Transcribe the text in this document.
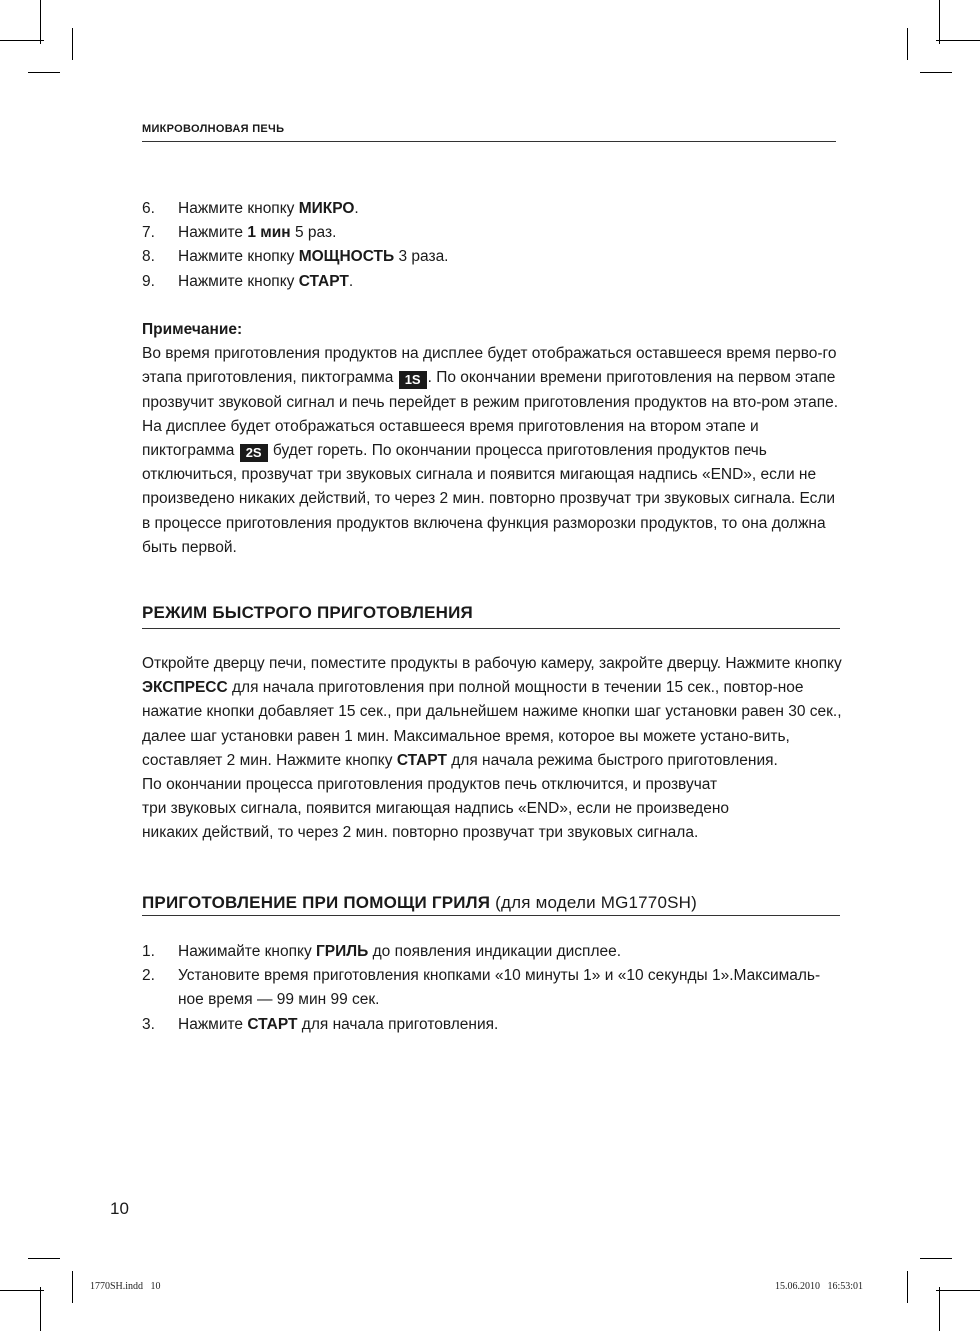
МИКРОВОЛНОВАЯ ПЕЧЬ
6. Нажмите кнопку МИКРО.
7. Нажмите 1 мин 5 раз.
8. Нажмите кнопку МОЩНОСТЬ 3 раза.
9. Нажмите кнопку СТАРТ.
Примечание:
Во время приготовления продуктов на дисплее будет отображаться оставшееся время перво-го этапа приготовления, пиктограмма 1S . По окончании времени приготовления на первом этапе прозвучит звуковой сигнал и печь перейдет в режим приготовления продуктов на вто-ром этапе. На дисплее будет отображаться оставшееся время приготовления на втором этапе и пиктограмма 2S будет гореть. По окончании процесса приготовления продуктов печь отключиться, прозвучат три звуковых сигнала и появится мигающая надпись «END», если не произведено никаких действий, то через 2 мин. повторно прозвучат три звуковых сигнала. Если в процессе приготовления продуктов включена функция разморозки продуктов, то она должна быть первой.
РЕЖИМ БЫСТРОГО ПРИГОТОВЛЕНИЯ
Откройте дверцу печи, поместите продукты в рабочую камеру, закройте дверцу. Нажмите кнопку ЭКСПРЕСС для начала приготовления при полной мощности в течении 15 сек., повтор-ное нажатие кнопки добавляет 15 сек., при дальнейшем нажиме кнопки шаг установки равен 30 сек., далее шаг установки равен 1 мин. Максимальное время, которое вы можете устано-вить, составляет 2 мин. Нажмите кнопку СТАРТ для начала режима быстрого приготовления.
По окончании процесса приготовления продуктов печь отключится, и прозвучат
три звуковых сигнала, появится мигающая надпись «END», если не произведено
никаких действий, то через 2 мин. повторно прозвучат три звуковых сигнала.
ПРИГОТОВЛЕНИЕ ПРИ ПОМОЩИ ГРИЛЯ (для модели MG1770SH)
1. Нажимайте кнопку ГРИЛЬ до появления индикации дисплее.
2. Установите время приготовления кнопками «10 минуты 1» и «10 секунды 1».Максималь-ное время — 99 мин 99 сек.
3. Нажмите СТАРТ для начала приготовления.
10
1770SH.indd   10	15.06.2010   16:53:01
